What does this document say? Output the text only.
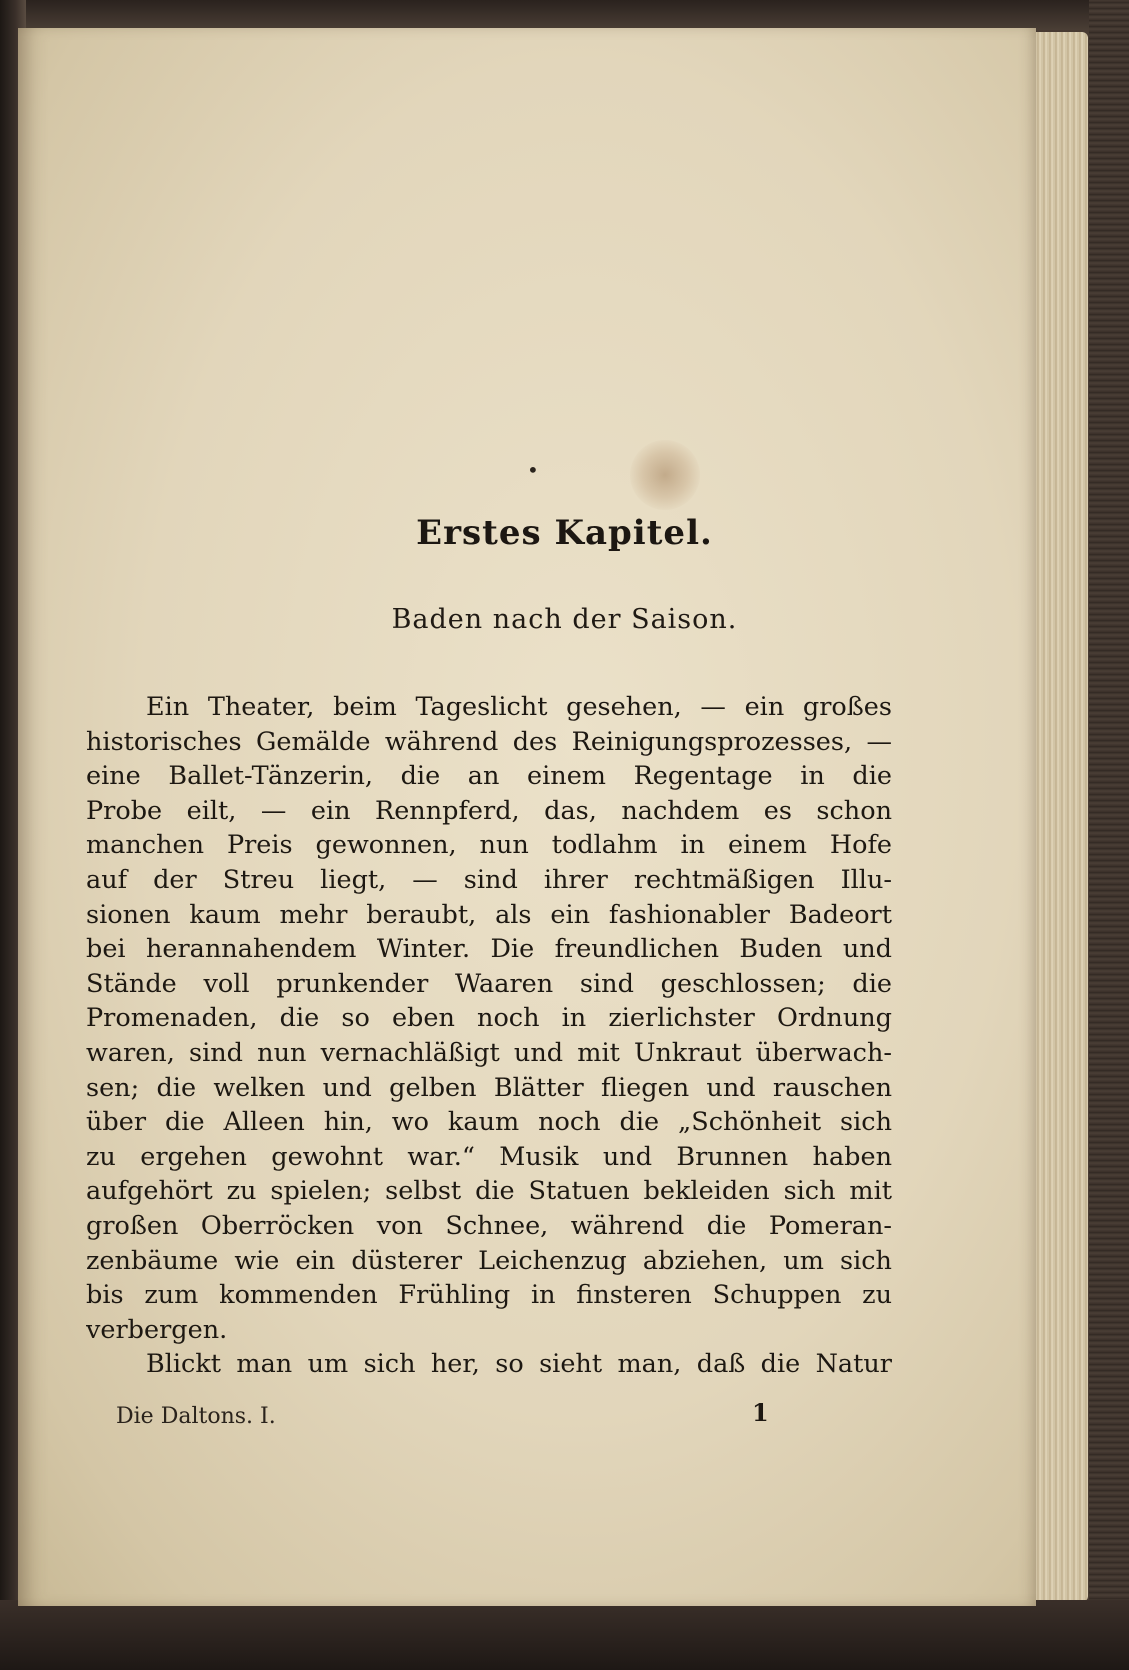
•
Erstes Kapitel.
Baden nach der Saison.
Ein Theater, beim Tageslicht gesehen, — ein großes
historisches Gemälde während des Reinigungsprozesses, —
eine Ballet-Tänzerin, die an einem Regentage in die
Probe eilt, — ein Rennpferd, das, nachdem es schon
manchen Preis gewonnen, nun todlahm in einem Hofe
auf der Streu liegt, — sind ihrer rechtmäßigen Illu-
sionen kaum mehr beraubt, als ein fashionabler Badeort
bei herannahendem Winter. Die freundlichen Buden und
Stände voll prunkender Waaren sind geschlossen; die
Promenaden, die so eben noch in zierlichster Ordnung
waren, sind nun vernachläßigt und mit Unkraut überwach-
sen; die welken und gelben Blätter fliegen und rauschen
über die Alleen hin, wo kaum noch die „Schönheit sich
zu ergehen gewohnt war.“ Musik und Brunnen haben
aufgehört zu spielen; selbst die Statuen bekleiden sich mit
großen Oberröcken von Schnee, während die Pomeran-
zenbäume wie ein düsterer Leichenzug abziehen, um sich
bis zum kommenden Frühling in finsteren Schuppen zu
verbergen.
Blickt man um sich her, so sieht man, daß die Natur
Die Daltons. I.	1
